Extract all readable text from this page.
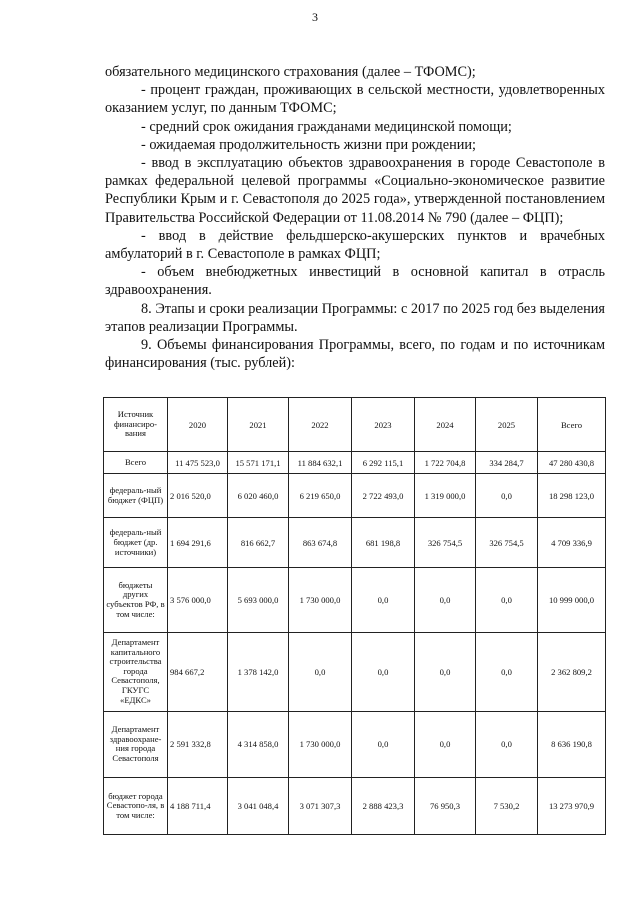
3

обязательного медицинского страхования (далее – ТФОМС);

- процент граждан, проживающих в сельской местности, удовлетворенных оказанием услуг, по данным ТФОМС;

- средний срок ожидания гражданами медицинской помощи;

- ожидаемая продолжительность жизни при рождении;

- ввод в эксплуатацию объектов здравоохранения в городе Севастополе в рамках федеральной целевой программы «Социально-экономическое развитие Республики Крым и г. Севастополя до 2025 года», утвержденной постановлением Правительства Российской Федерации от 11.08.2014 № 790 (далее – ФЦП);

- ввод в действие фельдшерско-акушерских пунктов и врачебных амбулаторий в г. Севастополе в рамках ФЦП;

- объем внебюджетных инвестиций в основной капитал в отрасль здравоохранения.

8. Этапы и сроки реализации Программы: с 2017 по 2025 год без выделения этапов реализации Программы.

9. Объемы финансирования Программы, всего, по годам и по источникам финансирования (тыс. рублей):

Источник финансиро-вания	2020	2021	2022	2023	2024	2025	Всего
Всего	11 475 523,0	15 571 171,1	11 884 632,1	6 292 115,1	1 722 704,8	334 284,7	47 280 430,8
федераль-ный бюджет (ФЦП)	2 016 520,0	6 020 460,0	6 219 650,0	2 722 493,0	1 319 000,0	0,0	18 298 123,0
федераль-ный бюджет (др. источники)	1 694 291,6	816 662,7	863 674,8	681 198,8	326 754,5	326 754,5	4 709 336,9
бюджеты других субъектов РФ, в том числе:	3 576 000,0	5 693 000,0	1 730 000,0	0,0	0,0	0,0	10 999 000,0
Департамент капитального строительства города Севастополя, ГКУГС «ЕДКС»	984 667,2	1 378 142,0	0,0	0,0	0,0	0,0	2 362 809,2
Департамент здравоохране-ния города Севастополя	2 591 332,8	4 314 858,0	1 730 000,0	0,0	0,0	0,0	8 636 190,8
бюджет города Севастопо-ля, в том числе:	4 188 711,4	3 041 048,4	3 071 307,3	2 888 423,3	76 950,3	7 530,2	13 273 970,9
